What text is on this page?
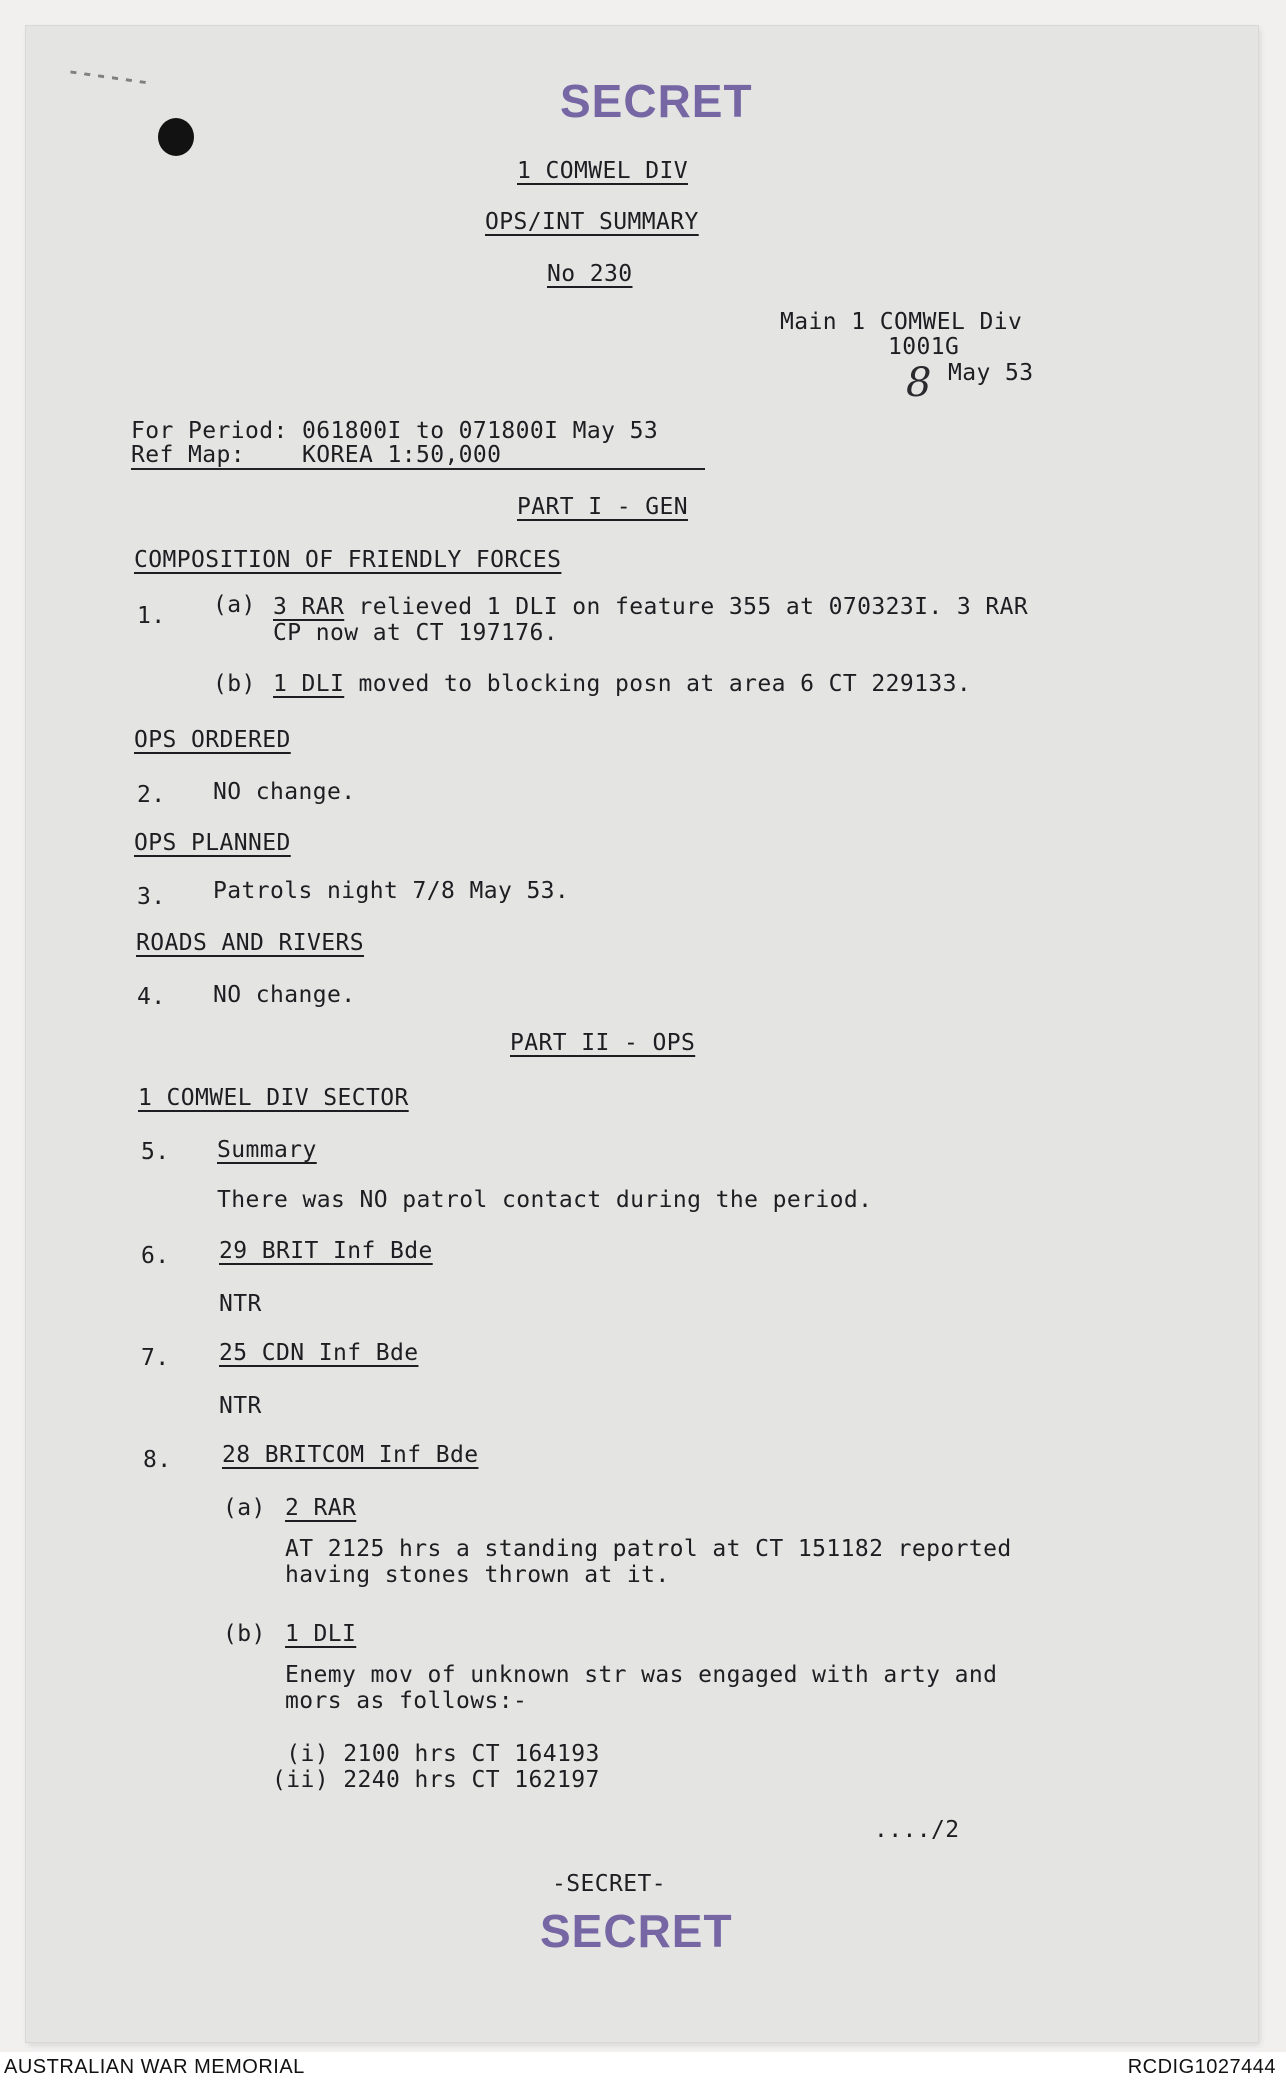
SECRET
1 COMWEL DIV
OPS/INT SUMMARY
No 230
Main 1 COMWEL Div
1001G
8 May 53
For Period: 061800I to 071800I May 53
Ref Map:    KOREA 1:50,000
PART I - GEN
COMPOSITION OF FRIENDLY FORCES
1. (a) 3 RAR relieved 1 DLI on feature 355 at 070323I. 3 RAR
CP now at CT 197176.
(b) 1 DLI moved to blocking posn at area 6 CT 229133.
OPS ORDERED
2. NO change.
OPS PLANNED
3. Patrols night 7/8 May 53.
ROADS AND RIVERS
4. NO change.
PART II - OPS
1 COMWEL DIV SECTOR
5. Summary
There was NO patrol contact during the period.
6. 29 BRIT Inf Bde
NTR
7. 25 CDN Inf Bde
NTR
8. 28 BRITCOM Inf Bde
(a) 2 RAR
AT 2125 hrs a standing patrol at CT 151182 reported
having stones thrown at it.
(b) 1 DLI
Enemy mov of unknown str was engaged with arty and
mors as follows:-
(i) 2100 hrs CT 164193
(ii) 2240 hrs CT 162197
..../2
-SECRET-
SECRET
AUSTRALIAN WAR MEMORIAL	RCDIG1027444
